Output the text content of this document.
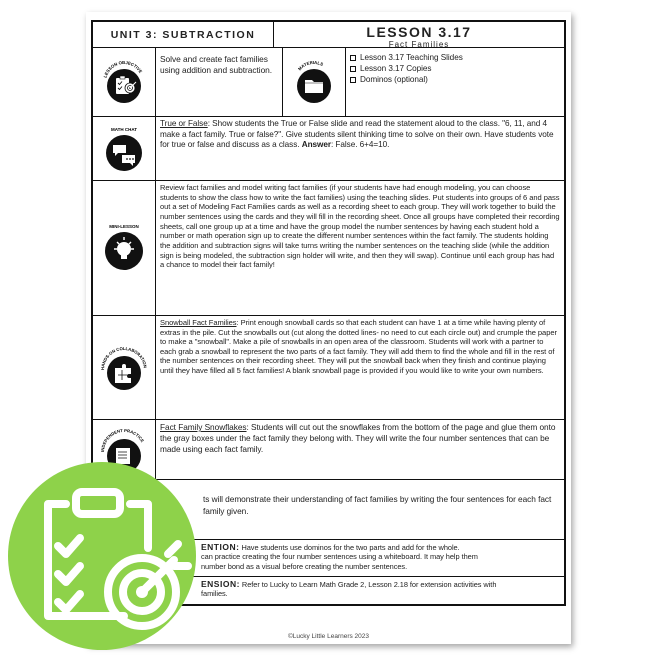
UNIT 3: SUBTRACTION	LESSON 3.17
Fact Families
LESSON OBJECTIVE
Solve and create fact families using addition and subtraction.	MATERIALS
Lesson 3.17 Teaching Slides
Lesson 3.17 Copies
Dominos (optional)
MATH CHAT
True or False: Show students the True or False slide and read the statement aloud to the class. "6, 11, and 4 make a fact family. True or false?". Give students silent thinking time to solve on their own. Have students vote for true or false and discuss as a class. Answer: False. 6+4=10.
MINI-LESSON
Review fact families and model writing fact families (if your students have had enough modeling, you can choose students to show the class how to write the fact families) using the teaching slides. Put students into groups of 6 and pass out a set of Modeling Fact Families cards as well as a recording sheet to each group. They will work together to build the number sentences using the cards and they will fill in the recording sheet. Once all groups have completed their recording sheets, call one group up at a time and have the group model the number sentences by having each student hold a number or math operation sign up to create the different number sentences within the fact family. The students holding the addition and subtraction signs will take turns writing the number sentences on the teaching slide (while the addition sign is being modeled, the subtraction sign holder will write, and then they will swap). Continue until each group has had a chance to model their fact family!
HANDS-ON COLLABORATION
Snowball Fact Families: Print enough snowball cards so that each student can have 1 at a time while having plenty of extras in the pile. Cut the snowballs out (cut along the dotted lines- no need to cut each circle out) and crumple the paper to make a "snowball". Make a pile of snowballs in an open area of the classroom. Students will work with a partner to each grab a snowball to represent the two parts of a fact family. They will add them to find the whole and fill in the rest of the number sentences on their recording sheet. They will put the snowball back when they finish and continue playing until they have filled all 5 fact families! A blank snowball page is provided if you would like to write your own numbers.
INDEPENDENT PRACTICE
Fact Family Snowflakes: Students will cut out the snowflakes from the bottom of the page and glue them onto the gray boxes under the fact family they belong with. They will write the four number sentences that can be made using each fact family.
ts will demonstrate their understanding of fact families by writing the four sentences for each fact family given.
ENTION: Have students use dominos for the two parts and add for the whole.
can practice creating the four number sentences using a whiteboard. It may help them
number bond as a visual before creating the number sentences.
ENSION: Refer to Lucky to Learn Math Grade 2, Lesson 2.18 for extension activities with
families.
©Lucky Little Learners 2023
